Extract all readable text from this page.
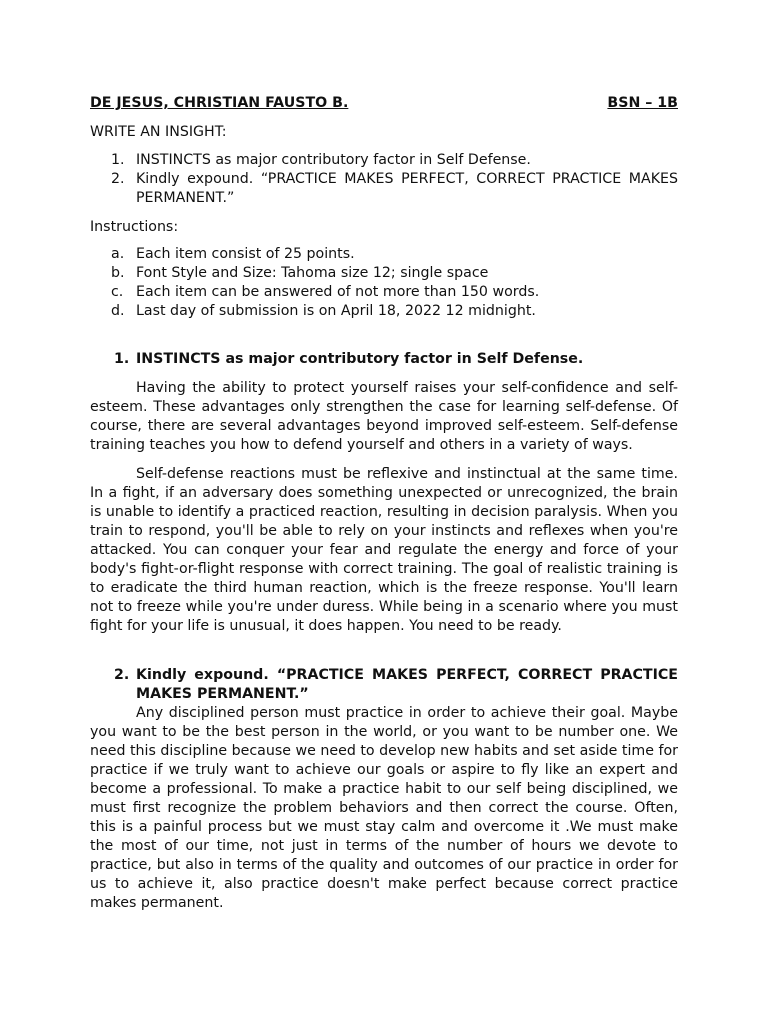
DE JESUS, CHRISTIAN FAUSTO B.	BSN – 1B

WRITE AN INSIGHT:

1. INSTINCTS as major contributory factor in Self Defense.
2. Kindly expound. “PRACTICE MAKES PERFECT, CORRECT PRACTICE MAKES PERMANENT.”

Instructions:

a. Each item consist of 25 points.
b. Font Style and Size: Tahoma size 12; single space
c. Each item can be answered of not more than 150 words.
d. Last day of submission is on April 18, 2022 12 midnight.
1. INSTINCTS as major contributory factor in Self Defense.

Having the ability to protect yourself raises your self-confidence and self-esteem. These advantages only strengthen the case for learning self-defense. Of course, there are several advantages beyond improved self-esteem. Self-defense training teaches you how to defend yourself and others in a variety of ways.

Self-defense reactions must be reflexive and instinctual at the same time. In a fight, if an adversary does something unexpected or unrecognized, the brain is unable to identify a practiced reaction, resulting in decision paralysis. When you train to respond, you'll be able to rely on your instincts and reflexes when you're attacked. You can conquer your fear and regulate the energy and force of your body's fight-or-flight response with correct training. The goal of realistic training is to eradicate the third human reaction, which is the freeze response. You'll learn not to freeze while you're under duress. While being in a scenario where you must fight for your life is unusual, it does happen. You need to be ready.

2. Kindly expound. “PRACTICE MAKES PERFECT, CORRECT PRACTICE MAKES PERMANENT.”

Any disciplined person must practice in order to achieve their goal. Maybe you want to be the best person in the world, or you want to be number one. We need this discipline because we need to develop new habits and set aside time for practice if we truly want to achieve our goals or aspire to fly like an expert and become a professional. To make a practice habit to our self being disciplined, we must first recognize the problem behaviors and then correct the course. Often, this is a painful process but we must stay calm and overcome it .We must make the most of our time, not just in terms of the number of hours we devote to practice, but also in terms of the quality and outcomes of our practice in order for us to achieve it, also practice doesn't make perfect because correct practice makes permanent.
